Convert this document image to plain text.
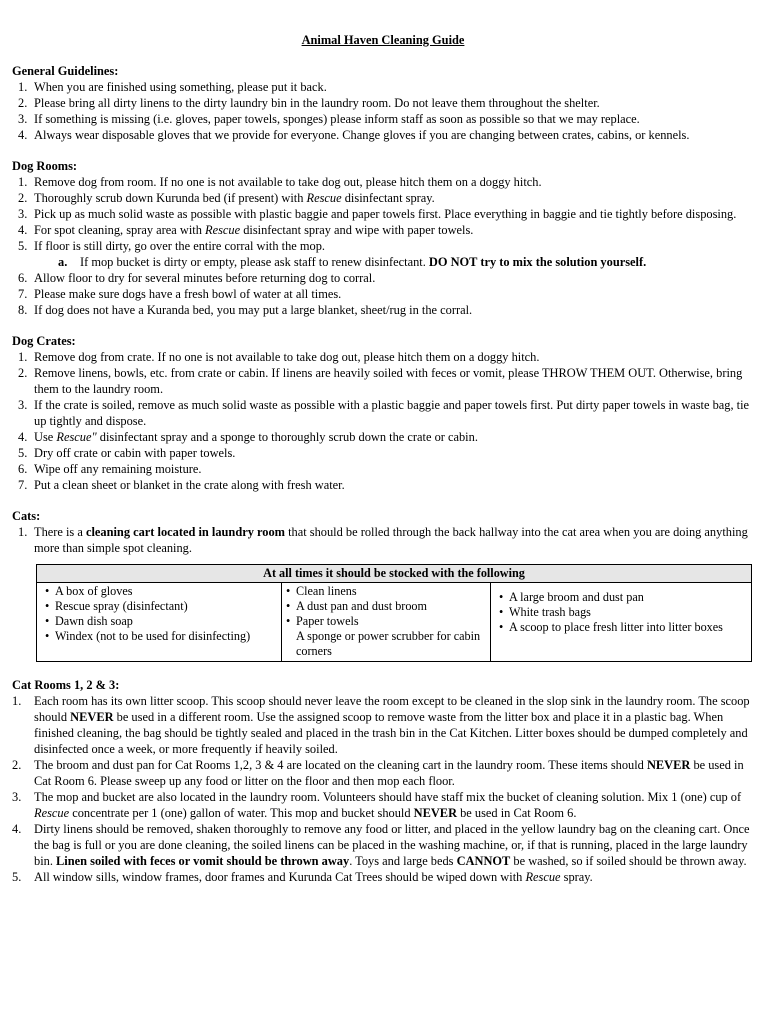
Animal Haven Cleaning Guide
General Guidelines:
1. When you are finished using something, please put it back.
2. Please bring all dirty linens to the dirty laundry bin in the laundry room. Do not leave them throughout the shelter.
3. If something is missing (i.e. gloves, paper towels, sponges) please inform staff as soon as possible so that we may replace.
4. Always wear disposable gloves that we provide for everyone. Change gloves if you are changing between crates, cabins, or kennels.
Dog Rooms:
1. Remove dog from room. If no one is not available to take dog out, please hitch them on a doggy hitch.
2. Thoroughly scrub down Kurunda bed (if present) with Rescue disinfectant spray.
3. Pick up as much solid waste as possible with plastic baggie and paper towels first. Place everything in baggie and tie tightly before disposing.
4. For spot cleaning, spray area with Rescue disinfectant spray and wipe with paper towels.
5. If floor is still dirty, go over the entire corral with the mop.
a. If mop bucket is dirty or empty, please ask staff to renew disinfectant. DO NOT try to mix the solution yourself.
6. Allow floor to dry for several minutes before returning dog to corral.
7. Please make sure dogs have a fresh bowl of water at all times.
8. If dog does not have a Kuranda bed, you may put a large blanket, sheet/rug in the corral.
Dog Crates:
1. Remove dog from crate. If no one is not available to take dog out, please hitch them on a doggy hitch.
2. Remove linens, bowls, etc. from crate or cabin. If linens are heavily soiled with feces or vomit, please THROW THEM OUT. Otherwise, bring them to the laundry room.
3. If the crate is soiled, remove as much solid waste as possible with a plastic baggie and paper towels first. Put dirty paper towels in waste bag, tie up tightly and dispose.
4. Use Rescue" disinfectant spray and a sponge to thoroughly scrub down the crate or cabin.
5. Dry off crate or cabin with paper towels.
6. Wipe off any remaining moisture.
7. Put a clean sheet or blanket in the crate along with fresh water.
Cats:
1. There is a cleaning cart located in laundry room that should be rolled through the back hallway into the cat area when you are doing anything more than simple spot cleaning.
At all times it should be stocked with the following

• A box of gloves
• Rescue spray (disinfectant)
• Dawn dish soap
• Windex (not to be used for disinfecting)

• Clean linens
• A dust pan and dust broom
• Paper towels
A sponge or power scrubber for cabin corners

• A large broom and dust pan
• White trash bags
• A scoop to place fresh litter into litter boxes
Cat Rooms 1, 2 & 3:
1. Each room has its own litter scoop. This scoop should never leave the room except to be cleaned in the slop sink in the laundry room. The scoop should NEVER be used in a different room. Use the assigned scoop to remove waste from the litter box and place it in a plastic bag. When finished cleaning, the bag should be tightly sealed and placed in the trash bin in the Cat Kitchen. Litter boxes should be dumped completely and disinfected once a week, or more frequently if heavily soiled.
2. The broom and dust pan for Cat Rooms 1,2, 3 & 4 are located on the cleaning cart in the laundry room. These items should NEVER be used in Cat Room 6. Please sweep up any food or litter on the floor and then mop each floor.
3. The mop and bucket are also located in the laundry room. Volunteers should have staff mix the bucket of cleaning solution. Mix 1 (one) cup of Rescue concentrate per 1 (one) gallon of water. This mop and bucket should NEVER be used in Cat Room 6.
4. Dirty linens should be removed, shaken thoroughly to remove any food or litter, and placed in the yellow laundry bag on the cleaning cart. Once the bag is full or you are done cleaning, the soiled linens can be placed in the washing machine, or, if that is running, placed in the large laundry bin. Linen soiled with feces or vomit should be thrown away. Toys and large beds CANNOT be washed, so if soiled should be thrown away.
5. All window sills, window frames, door frames and Kurunda Cat Trees should be wiped down with Rescue spray.
